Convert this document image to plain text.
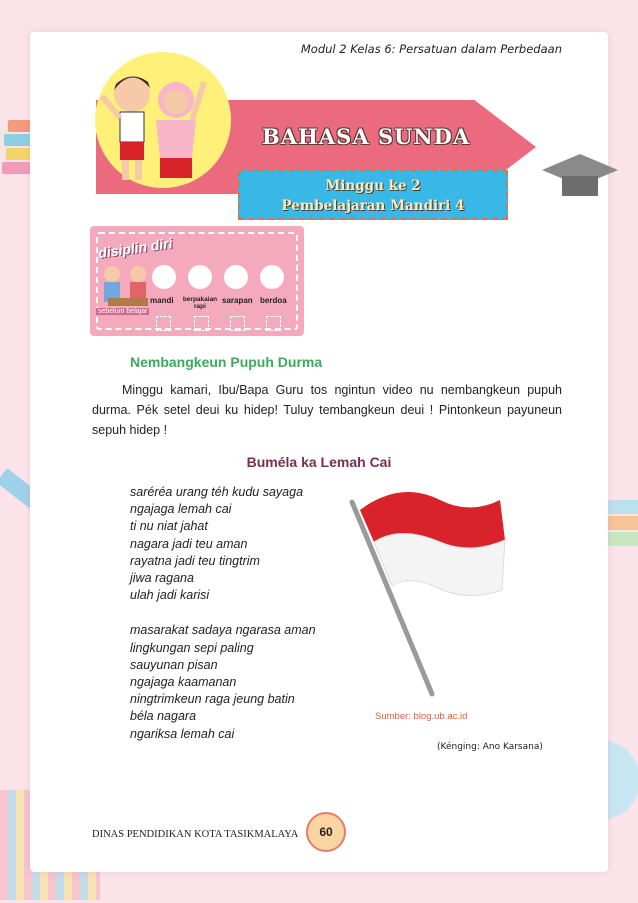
Modul 2 Kelas 6: Persatuan dalam Perbedaan
BAHASA SUNDA
Minggu ke 2
Pembelajaran Mandiri 4
disiplin diri
sebelum belajar
mandi	berpakaian rapi
sarapan berdoa
Nembangkeun Pupuh Durma
Minggu kamari, Ibu/Bapa Guru tos ngintun video nu nembangkeun pupuh durma. Pék setel deui ku hidep! Tuluy tembangkeun deui ! Pintonkeun payuneun sepuh hidep !
Buméla ka Lemah Cai
saréréa urang téh kudu sayaga
ngajaga lemah cai
ti nu niat jahat
nagara jadi teu aman
rayatna jadi teu tingtrim
jiwa ragana
ulah jadi karisi
masarakat sadaya ngarasa aman
lingkungan sepi paling
sauyunan pisan
ngajaga kaamanan
ningtrimkeun raga jeung batin
béla nagara
ngariksa lemah cai
Sumber: blog.ub.ac.id
(Kénging: Ano Karsana)
DINAS PENDIDIKAN KOTA TASIKMALAYA	60
